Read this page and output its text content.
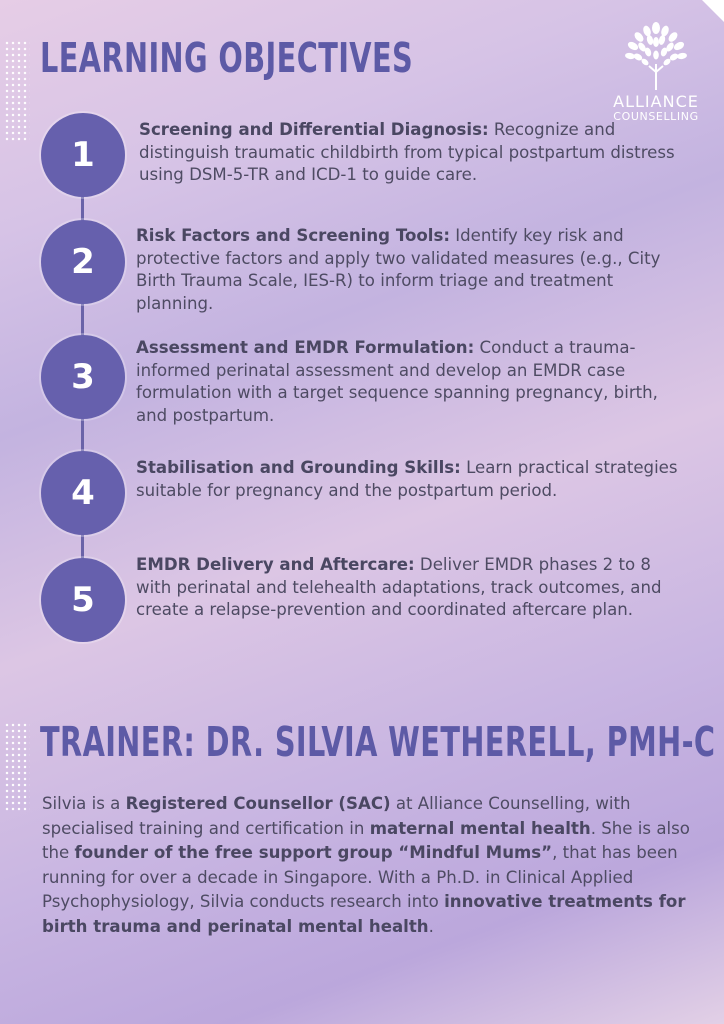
LEARNING OBJECTIVES
ALLIANCE
COUNSELLING
1
Screening and Differential Diagnosis: Recognize and distinguish traumatic childbirth from typical postpartum distress using DSM-5-TR and ICD-1 to guide care.
2
Risk Factors and Screening Tools: Identify key risk and protective factors and apply two validated measures (e.g., City Birth Trauma Scale, IES-R) to inform triage and treatment planning.
3
Assessment and EMDR Formulation: Conduct a trauma-informed perinatal assessment and develop an EMDR case formulation with a target sequence spanning pregnancy, birth, and postpartum.
4
Stabilisation and Grounding Skills: Learn practical strategies suitable for pregnancy and the postpartum period.
5
EMDR Delivery and Aftercare: Deliver EMDR phases 2 to 8 with perinatal and telehealth adaptations, track outcomes, and create a relapse-prevention and coordinated aftercare plan.
TRAINER: DR. SILVIA WETHERELL, PMH-C

Silvia is a Registered Counsellor (SAC) at Alliance Counselling, with specialised training and certification in maternal mental health. She is also the founder of the free support group “Mindful Mums”, that has been running for over a decade in Singapore. With a Ph.D. in Clinical Applied Psychophysiology, Silvia conducts research into innovative treatments for birth trauma and perinatal mental health.
